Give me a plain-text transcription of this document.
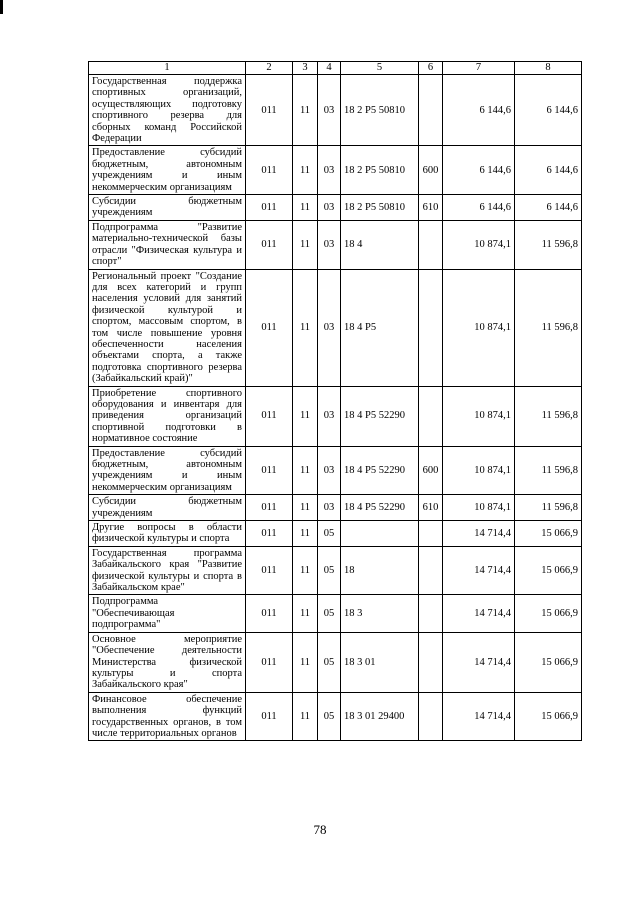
1	2	3	4	5	6	7	8
Государственная поддержка спортивных организаций, осуществляющих подготовку спортивного резерва для сборных команд Российской Федерации	011	11	03	18 2 Р5 50810		6 144,6	6 144,6
Предоставление субсидий бюджетным, автономным учреждениям и иным некоммерческим организациям	011	11	03	18 2 Р5 50810	600	6 144,6	6 144,6
Субсидии бюджетным учреждениям	011	11	03	18 2 Р5 50810	610	6 144,6	6 144,6
Подпрограмма "Развитие материально-технической базы отрасли "Физическая культура и спорт"	011	11	03	18 4		10 874,1	11 596,8
Региональный проект "Создание для всех категорий и групп населения условий для занятий физической культурой и спортом, массовым спортом, в том числе повышение уровня обеспеченности населения объектами спорта, а также подготовка спортивного резерва (Забайкальский край)"	011	11	03	18 4 Р5		10 874,1	11 596,8
Приобретение спортивного оборудования и инвентаря для приведения организаций спортивной подготовки в нормативное состояние	011	11	03	18 4 Р5 52290		10 874,1	11 596,8
Предоставление субсидий бюджетным, автономным учреждениям и иным некоммерческим организациям	011	11	03	18 4 Р5 52290	600	10 874,1	11 596,8
Субсидии бюджетным учреждениям	011	11	03	18 4 Р5 52290	610	10 874,1	11 596,8
Другие вопросы в области физической культуры и спорта	011	11	05			14 714,4	15 066,9
Государственная программа Забайкальского края "Развитие физической культуры и спорта в Забайкальском крае"	011	11	05	18		14 714,4	15 066,9
Подпрограмма "Обеспечивающая подпрограмма"	011	11	05	18 3		14 714,4	15 066,9
Основное мероприятие "Обеспечение деятельности Министерства физической культуры и спорта Забайкальского края"	011	11	05	18 3 01		14 714,4	15 066,9
Финансовое обеспечение выполнения функций государственных органов, в том числе территориальных органов	011	11	05	18 3 01 29400		14 714,4	15 066,9
78
